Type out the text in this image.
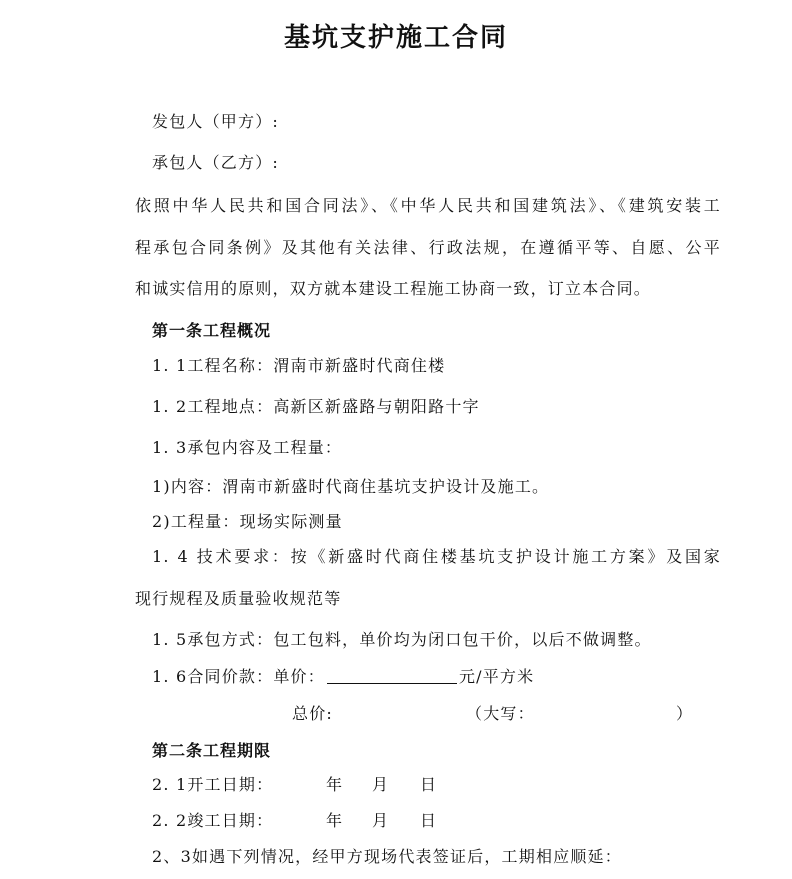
基坑支护施工合同
发包人（甲方）:
承包人（乙方）:
依照中华人民共和国合同法》、《中华人民共和国建筑法》、《建筑安装工
程承包合同条例》及其他有关法律、行政法规，在遵循平等、自愿、公平
和诚实信用的原则，双方就本建设工程施工协商一致，订立本合同。
第一条工程概况
1. 1工程名称：渭南市新盛时代商住楼
1. 2工程地点：高新区新盛路与朝阳路十字
1. 3承包内容及工程量：
1)内容：渭南市新盛时代商住基坑支护设计及施工。
2)工程量：现场实际测量
1. 4 技术要求：按《新盛时代商住楼基坑支护设计施工方案》及国家
现行规程及质量验收规范等
1. 5承包方式：包工包料，单价均为闭口包干价，以后不做调整。
1. 6合同价款：单价：	元/平方米
总价:	（大写：	）
第二条工程期限
2. 1开工日期：	年 月 日
2. 2竣工日期：	年 月 日
2、3如遇下列情况，经甲方现场代表签证后，工期相应顺延：
